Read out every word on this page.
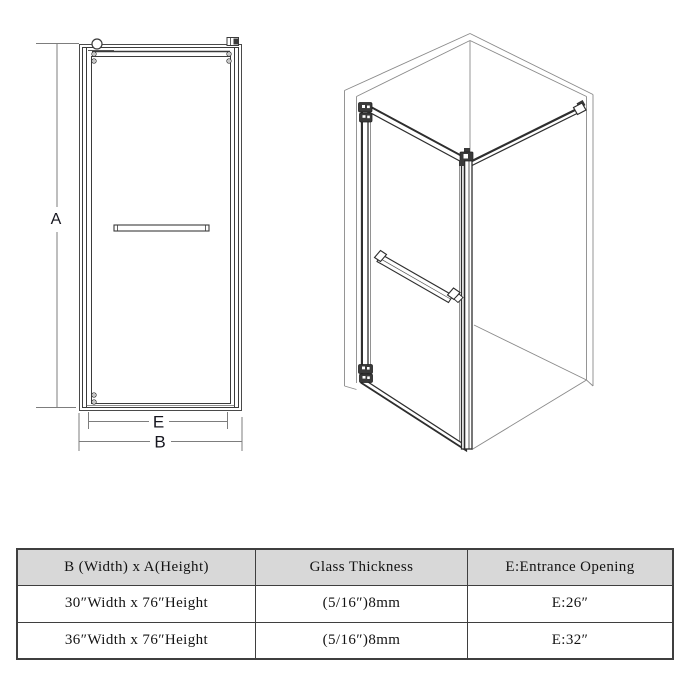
A
E
B
B (Width) x A(Height)	Glass Thickness	E:Entrance Opening
30″Width x 76″Height	(5/16″)8mm	E:26″
36″Width x 76″Height	(5/16″)8mm	E:32″
